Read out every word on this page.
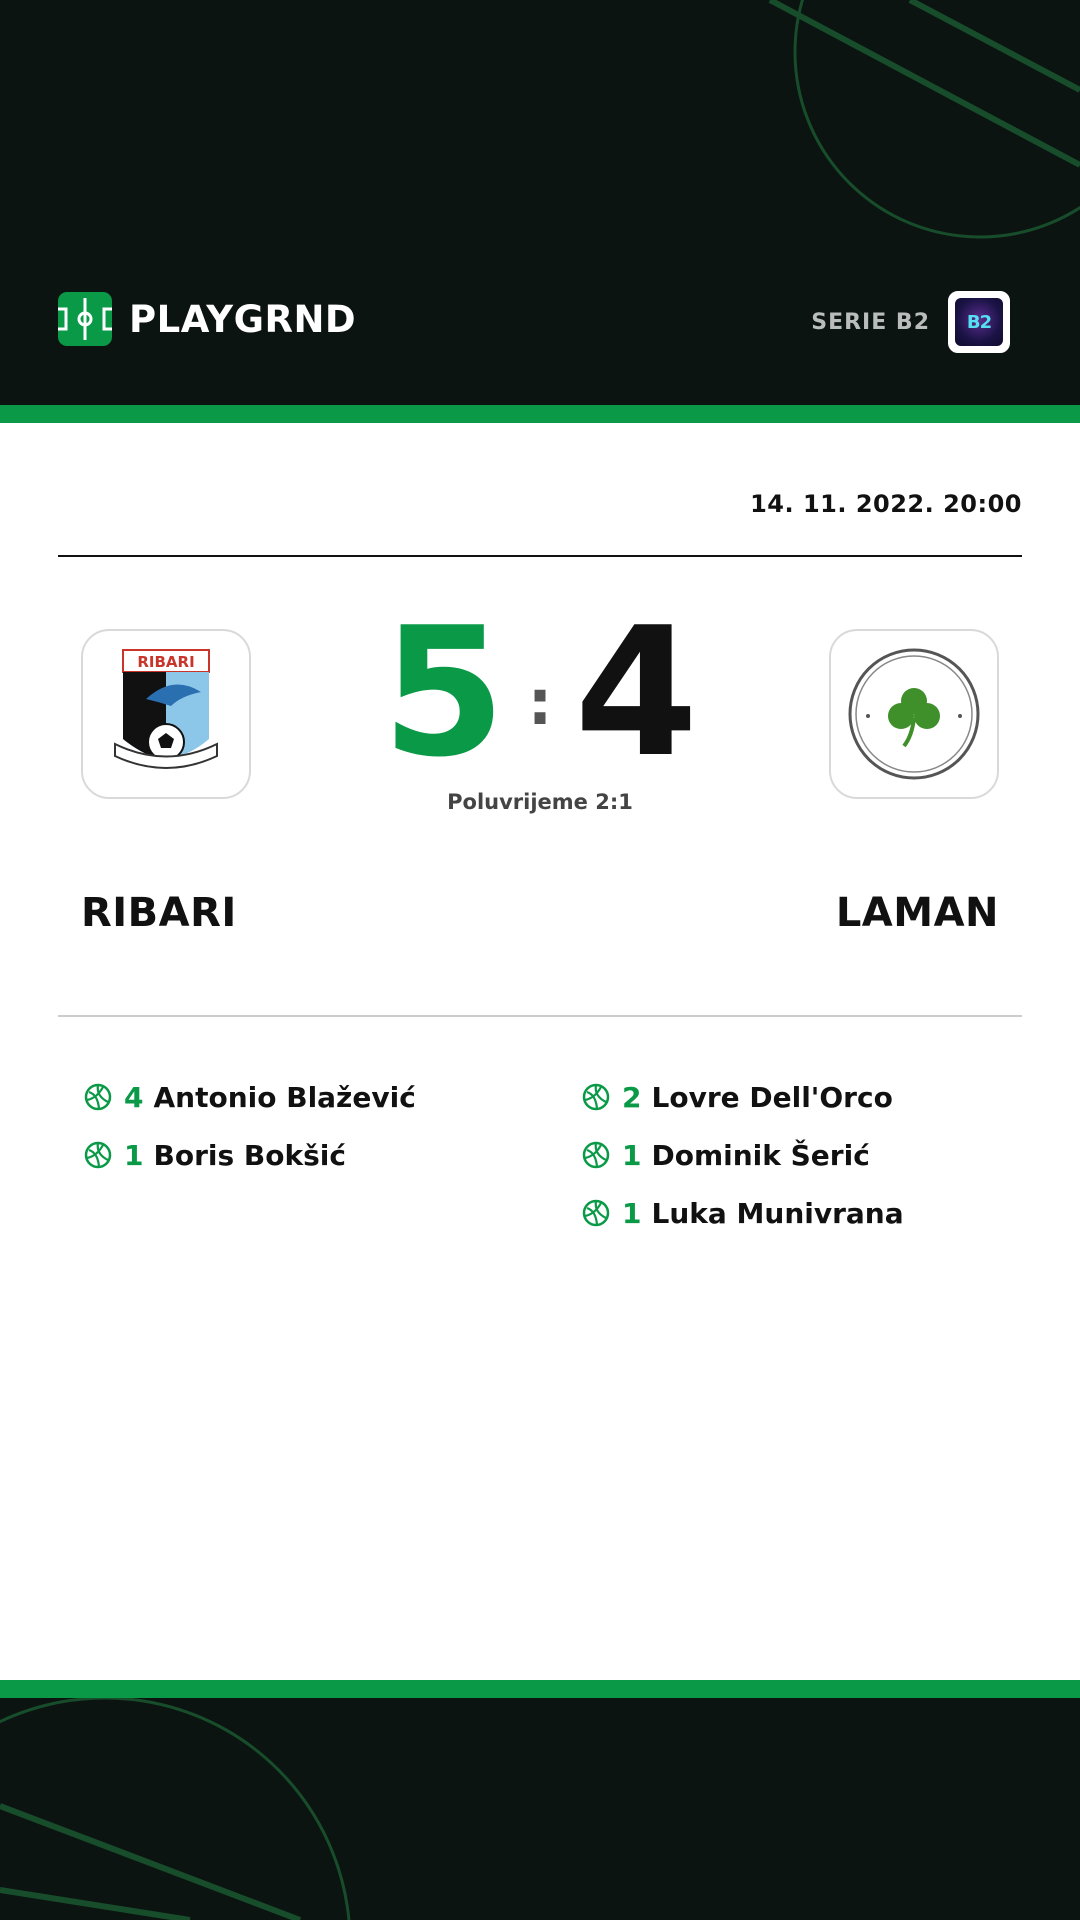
PLAYGRND	SERIE B2	B2
14. 11. 2022. 20:00
RIBARI 5 : 4
Poluvrijeme 2:1
RIBARI	LAMAN
4 Antonio Blažević
1 Boris Bokšić
2 Lovre Dell'Orco
1 Dominik Šerić
1 Luka Munivrana
